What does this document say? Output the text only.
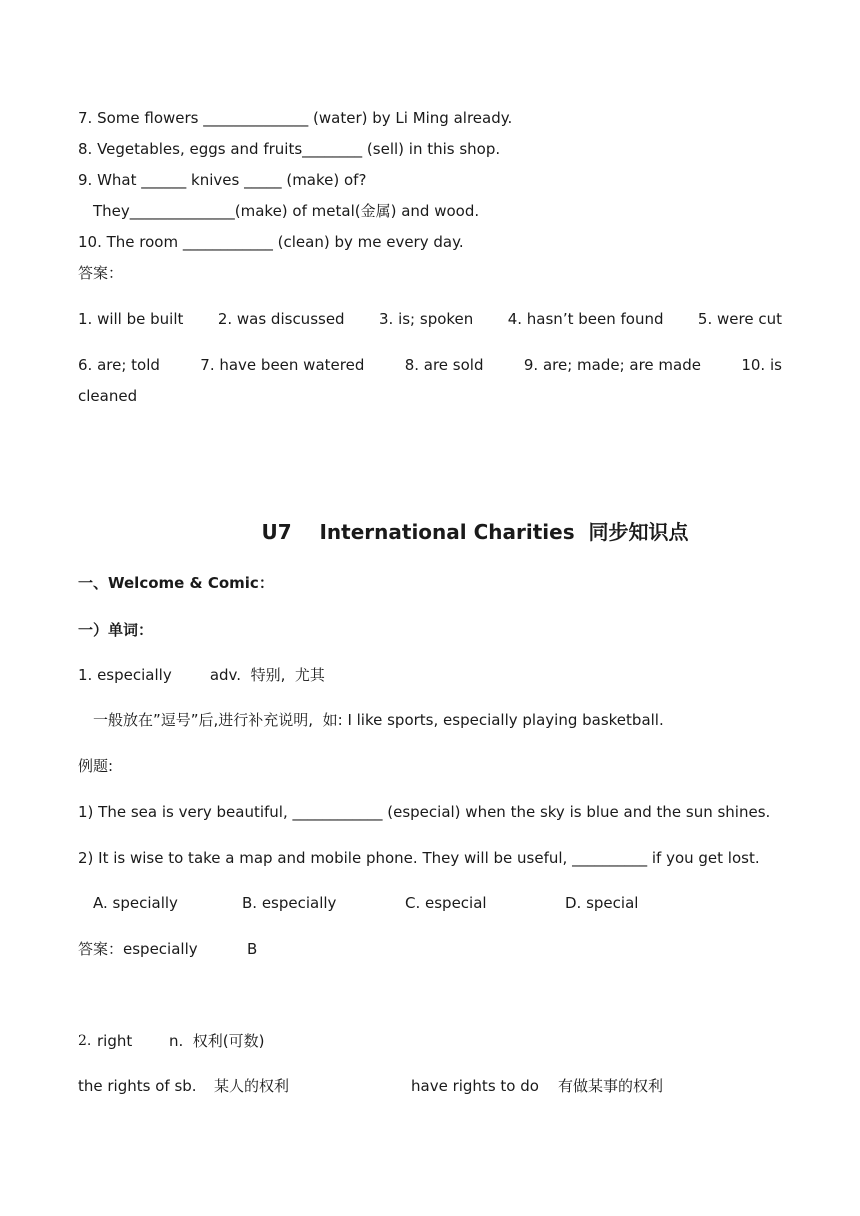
7. Some flowers ______________ (water) by Li Ming already.
8. Vegetables, eggs and fruits________ (sell) in this shop.
9. What ______ knives _____ (make) of?
They______________(make) of metal(金属) and wood.
10. The room ____________ (clean) by me every day.
答案：
1. will be built 2. was discussed 3. is; spoken 4. hasn’t been found 5. were cut
6. are; told	7. have been watered	8. are sold	9. are; made; are made	10. is
cleaned
U7    International Charities  同步知识点
一、Welcome & Comic：
一）单词：
1. especially        adv.  特别,  尤其
一般放在”逗号”后,进行补充说明,  如: I like sports, especially playing basketball.
例题:
1) The sea is very beautiful, ____________ (especial) when the sky is blue and the sun shines.
2) It is wise to take a map and mobile phone. They will be useful, __________ if you get lost.
A. specially	B. especially	C. especial	D. special
答案：especially	B
2. right n.  权利(可数)
the rights of sb. 某人的权利	have rights to do 有做某事的权利
